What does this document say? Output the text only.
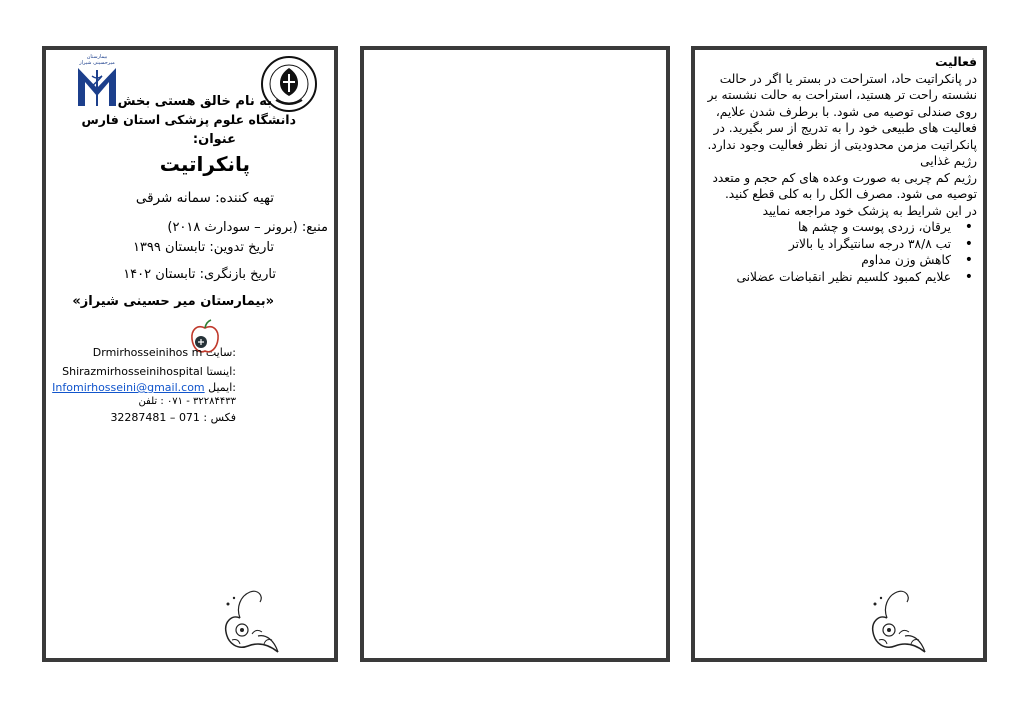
بیمارستان
میرحسینی شیراز
به نام خالق هستی بخش
دانشگاه علوم پزشکی استان فارس
عنوان:
پانکراتیت
تهیه کننده: سمانه شرقی
منبع: (برونر – سودارث ۲۰۱۸)
تاریخ تدوین: تابستان ۱۳۹۹
تاریخ بازنگری: تابستان ۱۴۰۲
«بیمارستان میر حسینی شیراز»
:سایت Drmirhosseinihos m
:اینستا Shirazmirhosseinihospital
:ایمیل Infomirhosseini@gmail.com
۳۲۲۸۴۴۳۳ - ۰۷۱ : تلفن
فکس : 071 – 32287481

فعالیت

در پانکراتیت حاد، استراحت در بستر یا اگر در حالت نشسته راحت تر هستید، استراحت به حالت نشسته بر روی صندلی توصیه می شود. با برطرف شدن علایم، فعالیت های طبیعی خود را به تدریج از سر بگیرید. در پانکراتیت مزمن محدودیتی از نظر فعالیت وجود ندارد.

رژیم غذایی

رژیم کم چربی به صورت وعده های کم حجم و متعدد توصیه می شود. مصرف الکل را به کلی قطع کنید.

در این شرایط به پزشک خود مراجعه نمایید

• یرقان، زردی پوست و چشم ها
• تب ۳۸/۸ درجه سانتیگراد یا بالاتر
• کاهش وزن مداوم
• علایم کمبود کلسیم نظیر انقباضات عضلانی
